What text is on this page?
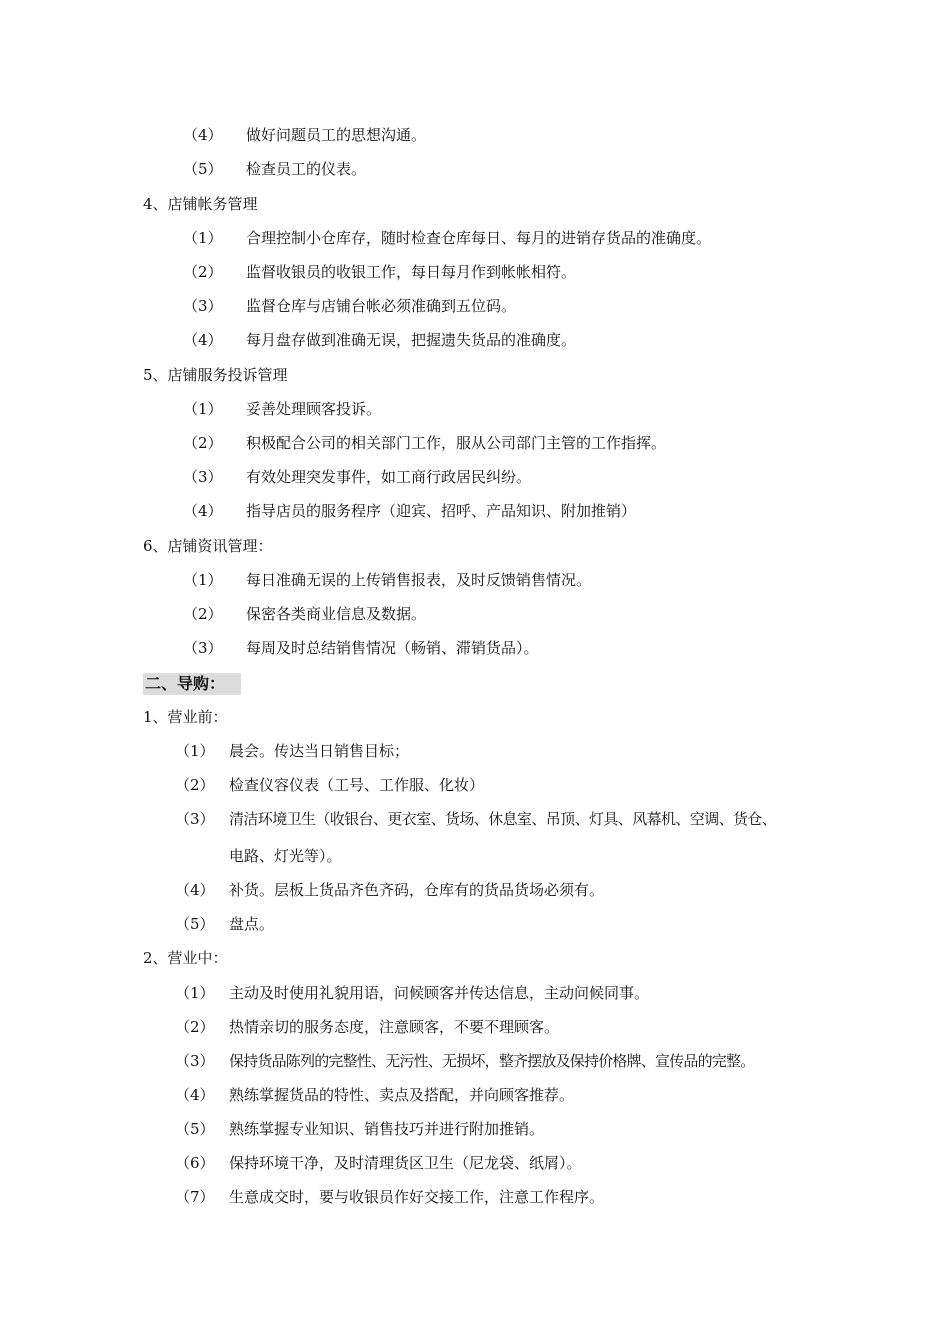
（4） 做好问题员工的思想沟通。
（5） 检查员工的仪表。
4、店铺帐务管理
（1） 合理控制小仓库存，随时检查仓库每日、每月的进销存货品的准确度。
（2） 监督收银员的收银工作，每日每月作到帐帐相符。
（3） 监督仓库与店铺台帐必须准确到五位码。
（4） 每月盘存做到准确无误，把握遗失货品的准确度。
5、店铺服务投诉管理
（1） 妥善处理顾客投诉。
（2） 积极配合公司的相关部门工作，服从公司部门主管的工作指挥。
（3） 有效处理突发事件，如工商行政居民纠纷。
（4） 指导店员的服务程序（迎宾、招呼、产品知识、附加推销）
6、店铺资讯管理：
（1） 每日准确无误的上传销售报表，及时反馈销售情况。
（2） 保密各类商业信息及数据。
（3） 每周及时总结销售情况（畅销、滞销货品）。
二、导购：
1、营业前：
（1） 晨会。传达当日销售目标；
（2） 检查仪容仪表（工号、工作服、化妆）
（3） 清洁环境卫生（收银台、更衣室、货场、休息室、吊顶、灯具、风幕机、空调、货仓、
电路、灯光等）。
（4） 补货。层板上货品齐色齐码，仓库有的货品货场必须有。
（5） 盘点。
2、营业中：
（1） 主动及时使用礼貌用语，问候顾客并传达信息，主动问候同事。
（2） 热情亲切的服务态度，注意顾客，不要不理顾客。
（3） 保持货品陈列的完整性、无污性、无损坏，整齐摆放及保持价格牌、宣传品的完整。
（4） 熟练掌握货品的特性、卖点及搭配，并向顾客推荐。
（5） 熟练掌握专业知识、销售技巧并进行附加推销。
（6） 保持环境干净，及时清理货区卫生（尼龙袋、纸屑）。
（7） 生意成交时，要与收银员作好交接工作，注意工作程序。
